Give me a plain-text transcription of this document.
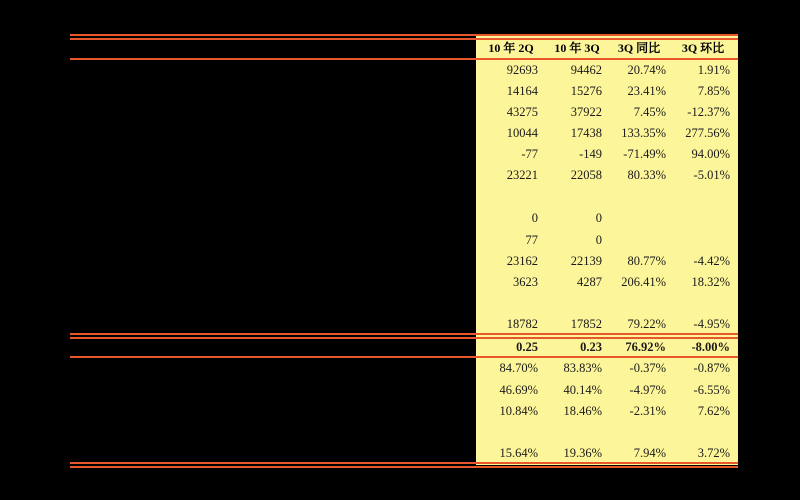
10 年 2Q	10 年 3Q	3Q 同比	3Q 环比
92693	94462	20.74%	1.91%
14164	15276	23.41%	7.85%
43275	37922	7.45%	-12.37%
10044	17438	133.35%	277.56%
-77	-149	-71.49%	94.00%
23221	22058	80.33%	-5.01%
0	0
77	0
23162	22139	80.77%	-4.42%
3623	4287	206.41%	18.32%
18782	17852	79.22%	-4.95%
0.25	0.23	76.92%	-8.00%
84.70%	83.83%	-0.37%	-0.87%
46.69%	40.14%	-4.97%	-6.55%
10.84%	18.46%	-2.31%	7.62%
15.64%	19.36%	7.94%	3.72%
